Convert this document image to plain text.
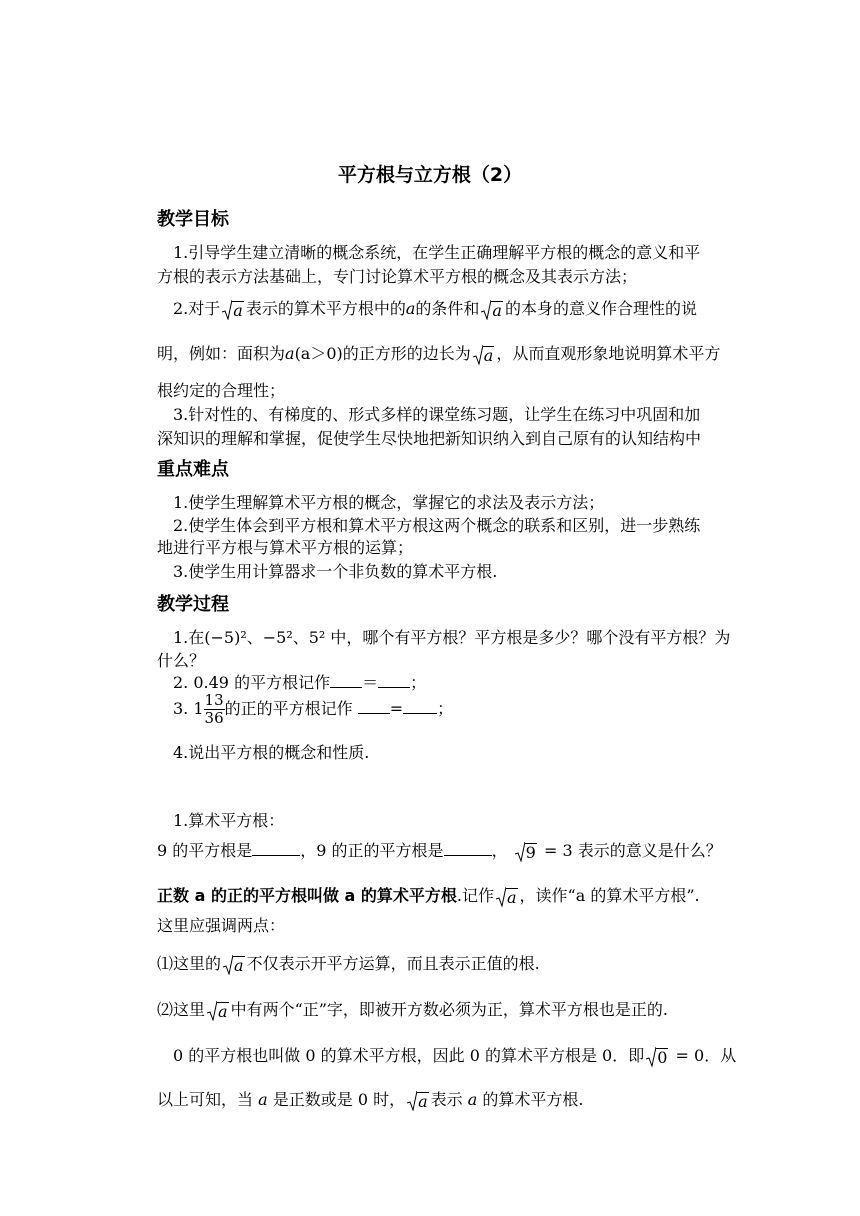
平方根与立方根（2）
教学目标
1.引导学生建立清晰的概念系统，在学生正确理解平方根的概念的意义和平
方根的表示方法基础上，专门讨论算术平方根的概念及其表示方法；
2.对于 a 表示的算术平方根中的a的条件和 a 的本身的意义作合理性的说
明，例如：面积为a(a＞0)的正方形的边长为 a ，从而直观形象地说明算术平方
根约定的合理性；
3.针对性的、有梯度的、形式多样的课堂练习题，让学生在练习中巩固和加
深知识的理解和掌握，促使学生尽快地把新知识纳入到自己原有的认知结构中
重点难点
1.使学生理解算术平方根的概念，掌握它的求法及表示方法；
2.使学生体会到平方根和算术平方根这两个概念的联系和区别，进一步熟练
地进行平方根与算术平方根的运算；
3.使学生用计算器求一个非负数的算术平方根.
教学过程
1.在(−5)²、−5²、5² 中，哪个有平方根？平方根是多少？哪个没有平方根？为
什么？
2. 0.49 的平方根记作 ＝ ；
3. $1 \frac{13}{36}$ 的正的平方根记作 = ；
4.说出平方根的概念和性质.
1.算术平方根：
9 的平方根是	，9 的正的平方根是	， 9 = 3 表示的意义是什么？
正数 a 的正的平方根叫做 a 的算术平方根.记作 a ，读作“a 的算术平方根”.
这里应强调两点：
⑴这里的 a 不仅表示开平方运算，而且表示正值的根.
⑵这里 a 中有两个“正”字，即被开方数必须为正，算术平方根也是正的.
0 的平方根也叫做 0 的算术平方根，因此 0 的算术平方根是 0．即 0 = 0．从
以上可知，当 a 是正数或是 0 时， a 表示 a 的算术平方根.
